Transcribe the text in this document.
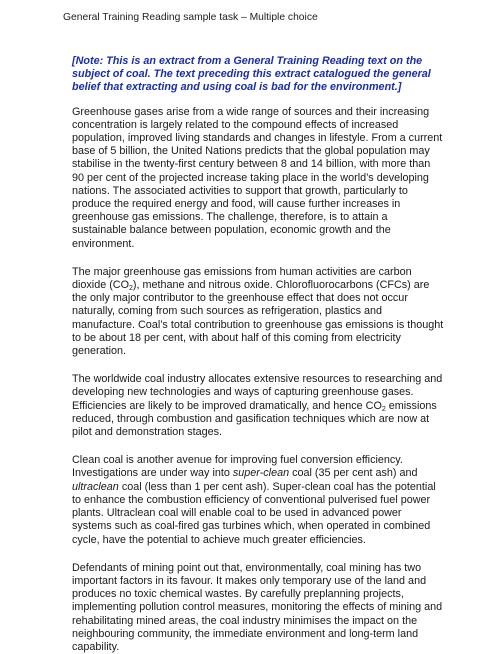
General Training Reading sample task – Multiple choice

[Note: This is an extract from a General Training Reading text on the subject of coal. The text preceding this extract catalogued the general belief that extracting and using coal is bad for the environment.]

Greenhouse gases arise from a wide range of sources and their increasing concentration is largely related to the compound effects of increased population, improved living standards and changes in lifestyle. From a current base of 5 billion, the United Nations predicts that the global population may stabilise in the twenty-first century between 8 and 14 billion, with more than 90 per cent of the projected increase taking place in the world’s developing nations. The associated activities to support that growth, particularly to produce the required energy and food, will cause further increases in greenhouse gas emissions. The challenge, therefore, is to attain a sustainable balance between population, economic growth and the environment.

The major greenhouse gas emissions from human activities are carbon dioxide $(CO_2)$, methane and nitrous oxide. Chlorofluorocarbons (CFCs) are the only major contributor to the greenhouse effect that does not occur naturally, coming from such sources as refrigeration, plastics and manufacture. Coal’s total contribution to greenhouse gas emissions is thought to be about 18 per cent, with about half of this coming from electricity generation.

The worldwide coal industry allocates extensive resources to researching and developing new technologies and ways of capturing greenhouse gases. Efficiencies are likely to be improved dramatically, and hence $CO_2$ emissions reduced, through combustion and gasification techniques which are now at pilot and demonstration stages.

Clean coal is another avenue for improving fuel conversion efficiency. Investigations are under way into super-clean coal (35 per cent ash) and ultraclean coal (less than 1 per cent ash). Super-clean coal has the potential to enhance the combustion efficiency of conventional pulverised fuel power plants. Ultraclean coal will enable coal to be used in advanced power systems such as coal-fired gas turbines which, when operated in combined cycle, have the potential to achieve much greater efficiencies.

Defendants of mining point out that, environmentally, coal mining has two important factors in its favour. It makes only temporary use of the land and produces no toxic chemical wastes. By carefully preplanning projects, implementing pollution control measures, monitoring the effects of mining and rehabilitating mined areas, the coal industry minimises the impact on the neighbouring community, the immediate environment and long-term land capability.
